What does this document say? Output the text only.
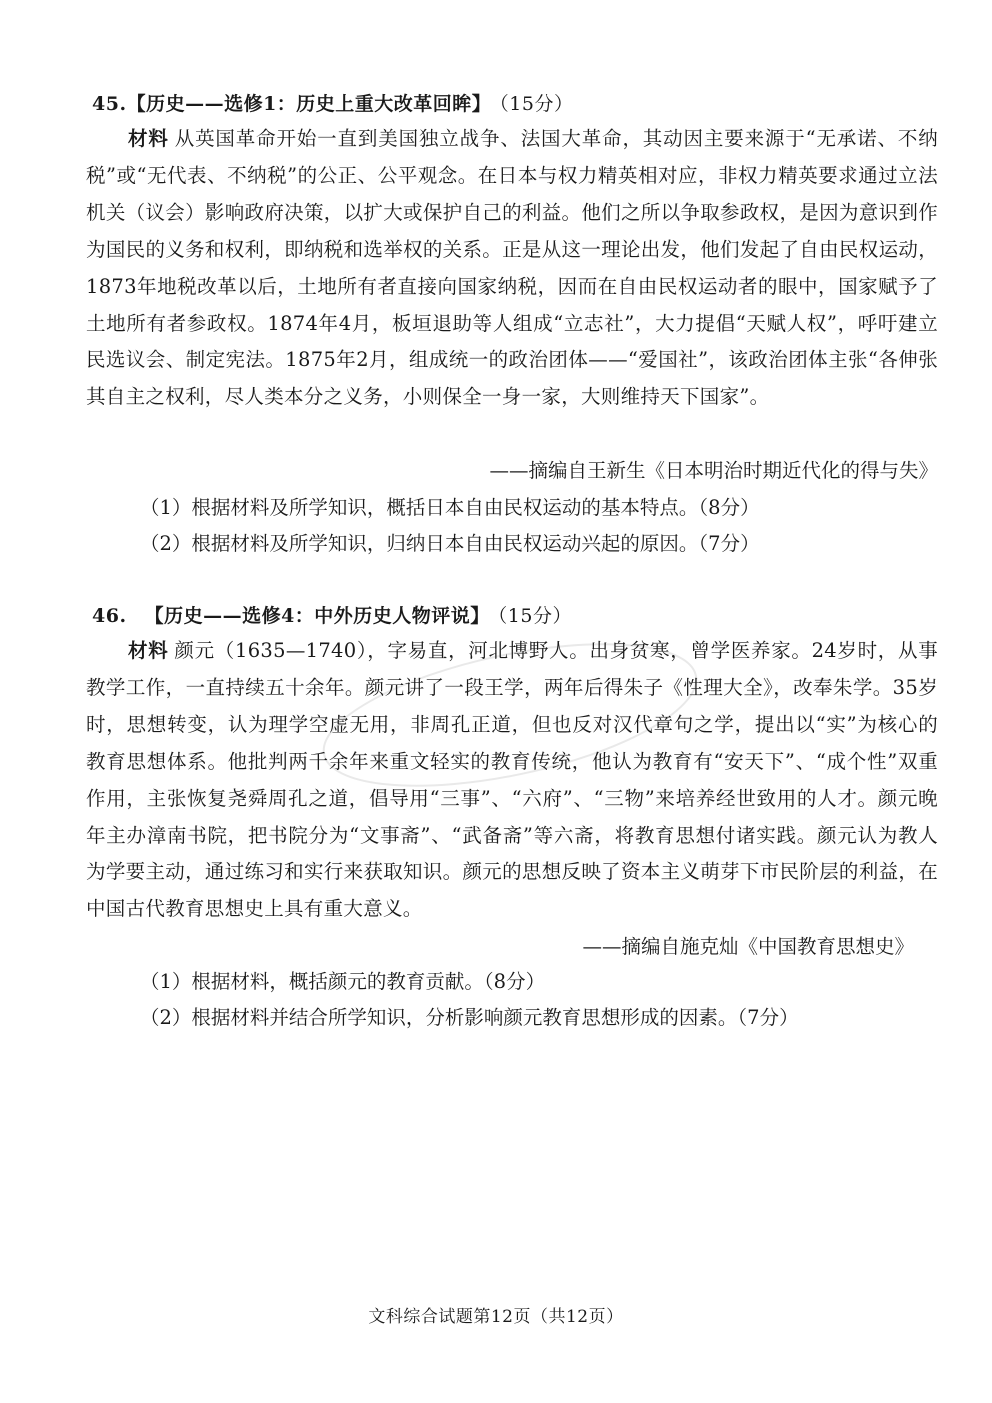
45.【历史——选修1：历史上重大改革回眸】 （15分）
材料 从英国革命开始一直到美国独立战争、法国大革命，其动因主要来源于“无承诺、不纳税”或“无代表、不纳税”的公正、公平观念。在日本与权力精英相对应，非权力精英要求通过立法机关（议会）影响政府决策，以扩大或保护自己的利益。他们之所以争取参政权，是因为意识到作为国民的义务和权利，即纳税和选举权的关系。正是从这一理论出发，他们发起了自由民权运动，1873年地税改革以后，土地所有者直接向国家纳税，因而在自由民权运动者的眼中，国家赋予了土地所有者参政权。1874年4月，板垣退助等人组成“立志社”，大力提倡“天赋人权”，呼吁建立民选议会、制定宪法。1875年2月，组成统一的政治团体——“爱国社”，该政治团体主张“各伸张其自主之权利，尽人类本分之义务，小则保全一身一家，大则维持天下国家”。
——摘编自王新生《日本明治时期近代化的得与失》
（1）根据材料及所学知识，概括日本自由民权运动的基本特点。（8分）
（2）根据材料及所学知识，归纳日本自由民权运动兴起的原因。（7分）
46. 【历史——选修4：中外历史人物评说】 （15分）
材料 颜元（1635—1740），字易直，河北博野人。出身贫寒，曾学医养家。24岁时，从事教学工作，一直持续五十余年。颜元讲了一段王学，两年后得朱子《性理大全》，改奉朱学。35岁时，思想转变，认为理学空虚无用，非周孔正道，但也反对汉代章句之学，提出以“实”为核心的教育思想体系。他批判两千余年来重文轻实的教育传统，他认为教育有“安天下”、“成个性”双重作用，主张恢复尧舜周孔之道，倡导用“三事”、“六府”、“三物”来培养经世致用的人才。颜元晚年主办漳南书院，把书院分为“文事斋”、“武备斋”等六斋，将教育思想付诸实践。颜元认为教人为学要主动，通过练习和实行来获取知识。颜元的思想反映了资本主义萌芽下市民阶层的利益，在中国古代教育思想史上具有重大意义。
——摘编自施克灿《中国教育思想史》
（1）根据材料，概括颜元的教育贡献。（8分）
（2）根据材料并结合所学知识，分析影响颜元教育思想形成的因素。（7分）
文科综合试题第12页（共12页）
